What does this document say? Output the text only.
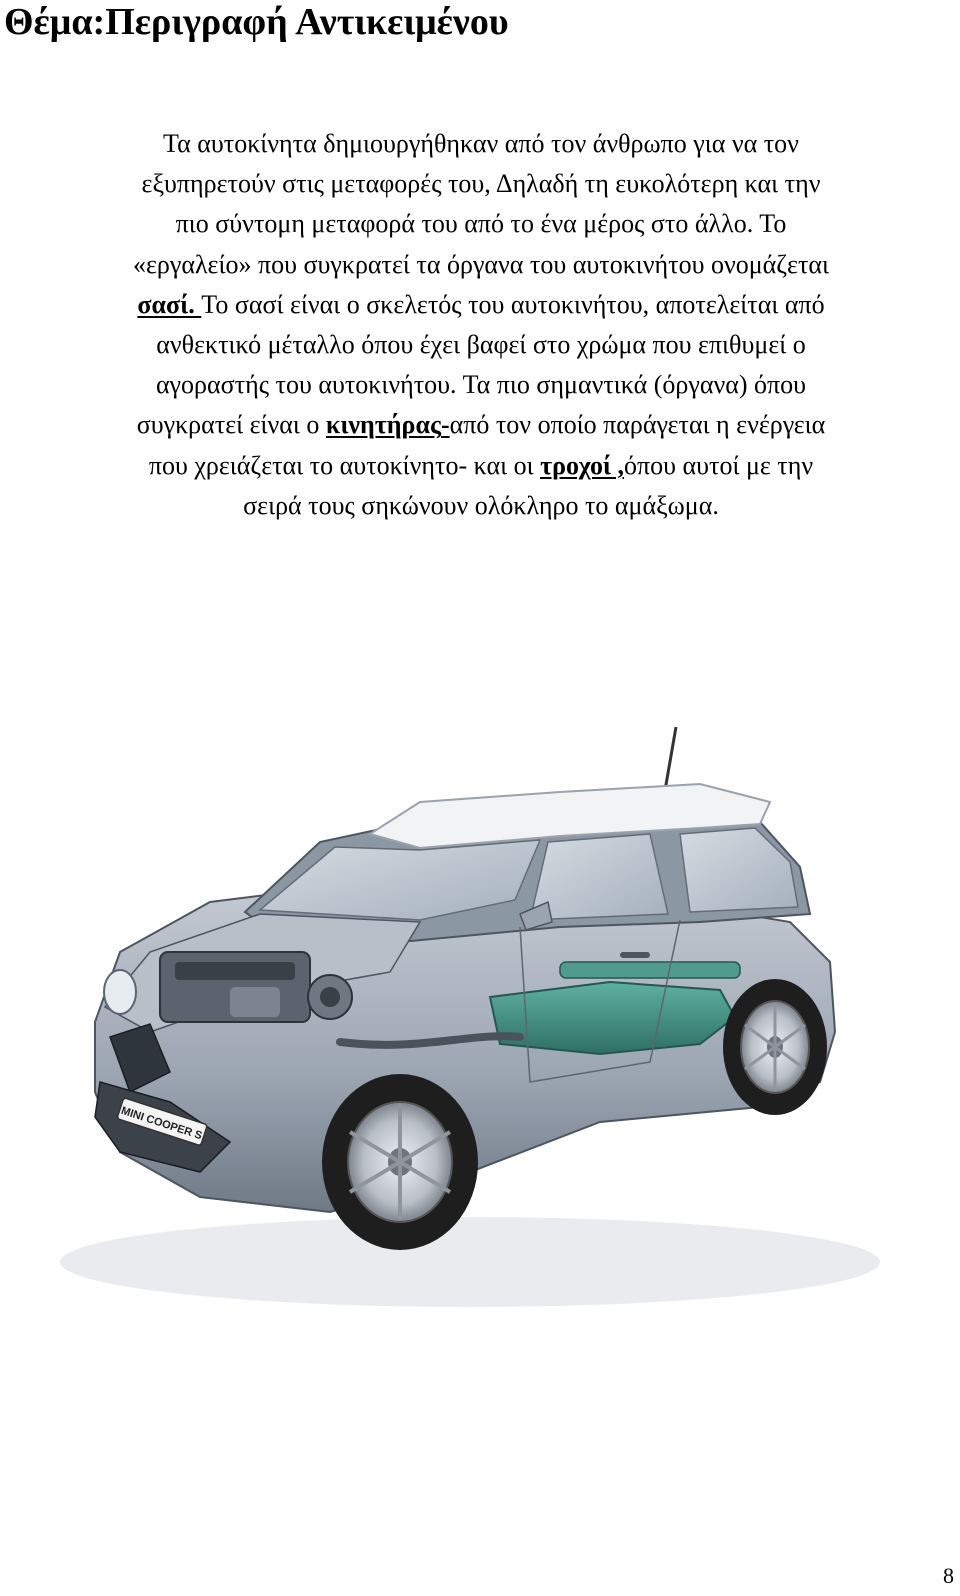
Θέμα:Περιγραφή Αντικειμένου

Τα αυτοκίνητα δημιουργήθηκαν από τον άνθρωπο για να τον
εξυπηρετούν στις μεταφορές του, Δηλαδή τη ευκολότερη και την
πιο σύντομη μεταφορά του από το ένα μέρος στο άλλο. Το
«εργαλείο» που συγκρατεί τα όργανα του αυτοκινήτου ονομάζεται
σασί. Το σασί είναι ο σκελετός του αυτοκινήτου, αποτελείται από
ανθεκτικό μέταλλο όπου έχει βαφεί στο χρώμα που επιθυμεί ο
αγοραστής του αυτοκινήτου. Τα πιο σημαντικά (όργανα) όπου
συγκρατεί είναι ο κινητήρας-από τον οποίο παράγεται η ενέργεια
που χρειάζεται το αυτοκίνητο- και οι τροχοί ,όπου αυτοί με την
σειρά τους σηκώνουν ολόκληρο το αμάξωμα.

MINI COOPER S
8
